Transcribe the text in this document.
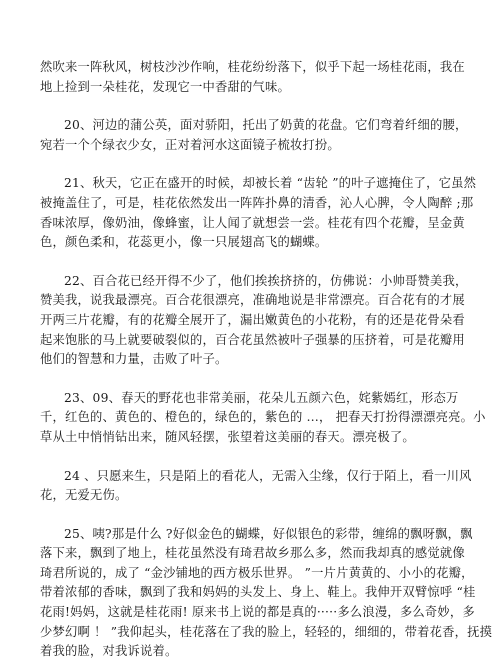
然吹来一阵秋风，树枝沙沙作响，桂花纷纷落下，似乎下起一场桂花雨，我在
地上捡到一朵桂花，发现它一中香甜的气味。

20、河边的蒲公英，面对骄阳，托出了奶黄的花盘。它们弯着纤细的腰，
宛若一个个绿衣少女，正对着河水这面镜子梳妆打扮。

21、秋天，它正在盛开的时候，却被长着 “齿轮 ”的叶子遮掩住了，它虽然
被掩盖住了，可是，桂花依然发出一阵阵扑鼻的清香，沁人心脾，令人陶醉 ;那
香味浓厚，像奶油，像蜂蜜，让人闻了就想尝一尝。桂花有四个花瓣，呈金黄
色，颜色柔和，花蕊更小，像一只展翅高飞的蝴蝶。

22、百合花已经开得不少了，他们挨挨挤挤的，仿佛说：小帅哥赞美我，
赞美我，说我最漂亮。百合花很漂亮，准确地说是非常漂亮。百合花有的才展
开两三片花瓣，有的花瓣全展开了，漏出嫩黄色的小花粉，有的还是花骨朵看
起来饱胀的马上就要破裂似的，百合花虽然被叶子强暴的压挤着，可是花瓣用
他们的智慧和力量，击败了叶子。

23、09、春天的野花也非常美丽，花朵儿五颜六色，姹紫嫣红，形态万
千，红色的、黄色的、橙色的，绿色的，紫色的 …， 把春天打扮得漂漂亮亮。小
草从土中悄悄钻出来，随风轻摆，张望着这美丽的春天。漂亮极了。

24 、只愿来生，只是陌上的看花人，无需入尘缘，仅行于陌上，看一川风
花，无爱无伤。

25、咦?那是什么 ?好似金色的蝴蝶，好似银色的彩带，缠绵的飘呀飘，飘
落下来，飘到了地上，桂花虽然没有琦君故乡那么多，然而我却真的感觉就像
琦君所说的，成了 “金沙铺地的西方极乐世界。 ”一片片黄黄的、小小的花瓣，
带着浓郁的香味，飘到了我和妈妈的头发上、身上、鞋上。我伸开双臂惊呼 “桂
花雨!妈妈，这就是桂花雨! 原来书上说的都是真的·····多么浪漫，多么奇妙，多
少梦幻啊 ！ ”我仰起头，桂花落在了我的脸上，轻轻的，细细的，带着花香，抚摸
着我的脸，对我诉说着。
